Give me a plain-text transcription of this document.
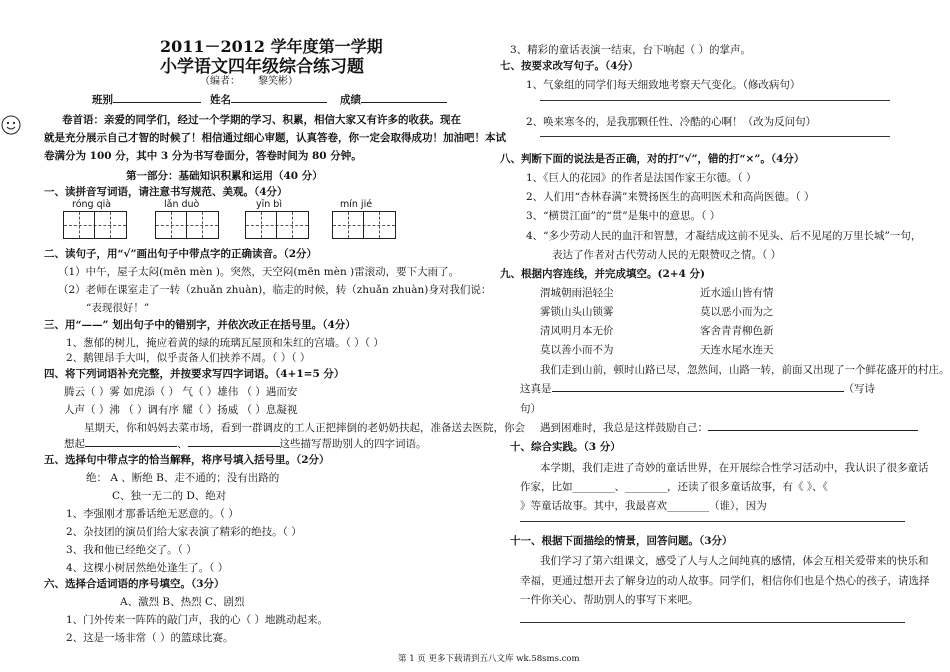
2011－2012 学年度第一学期
小学语文四年级综合练习题
（编者： 黎笑彬）
班别	姓名	成绩
卷首语：亲爱的同学们，经过一个学期的学习、积累，相信大家又有许多的收获。现在
就是充分展示自己才智的时候了！相信通过细心审题，认真答卷，你一定会取得成功！加油吧！本试
卷满分为 100 分，其中 3 分为书写卷面分，答卷时间为 80 分钟。
第一部分：基础知识积累和运用（40 分）
一、读拼音写词语，请注意书写规范、美观。（4分）
róng qià	lǎn duò	yīn bì	mín jié
二、读句子，用“√”画出句子中带点字的正确读音。（2分）
（1）中午，屋子太闷(mēn mèn )。突然，天空闷(mēn mèn )雷滚动，要下大雨了。
（2）老师在课室走了一转（zhuǎn zhuàn)，临走的时候，转（zhuǎn zhuàn)身对我们说：
“表现很好！”
三、用“——” 划出句子中的错别字，并依次改正在括号里。（4分）
1、葱郁的树儿，掩应着黄的绿的琉璃瓦屋顶和朱红的宫墙。（ ）（ ）
2、鹅锂昂手大叫，似乎责备人们挟养不周。（ ）（ ）
四、将下列词语补充完整，并按要求写四字词语。（4+1=5 分）
腾云（ ）雾 如虎添（ ） 气（ ）雄伟 （ ）遇而安
人声（ ）沸 （ ）调有序 耀（ ）扬威 （ ）息凝视
星期天，你和妈妈去菜市场，看到一群调皮的工人正把摔倒的老奶奶扶起，准备送去医院，你会
想起	、	这些描写帮助别人的四字词语。
五、选择句中带点字的恰当解释，将序号填入括号里。（2分）
绝： A 、断绝 B、走不通的；没有出路的
C、独一无二的 D、绝对
1、李强刚才那番话绝无恶意的。（ ）
2、杂技团的演员们给大家表演了精彩的绝技。（ ）
3、我和他已经绝交了。（ ）
4、这棵小树居然绝处逢生了。（ ）
六、选择合适词语的序号填空。（3分）
A、激烈 B、热烈 C、剧烈
1、门外传来一阵阵的敲门声，我的心（ ）地跳动起来。
2、这是一场非常（ ）的篮球比赛。
3、精彩的童话表演一结束，台下响起（ ）的掌声。
七、按要求改写句子。（4分）
1、气象组的同学们每天细致地考察天气变化。（修改病句）
2、唤来寒冬的，是我那颗任性、冷酷的心啊！（改为反问句）
八、判断下面的说法是否正确，对的打“√”，错的打“×”。（4分）
1、《巨人的花园》的作者是法国作家王尔德。（ ）
2、人们用“杏林春满”来赞扬医生的高明医术和高尚医德。（ ）
3、“横贯江面”的“贯”是集中的意思。（ ）
4、“多少劳动人民的血汗和智慧，才凝结成这前不见头、后不见尾的万里长城”一句，
表达了作者对古代劳动人民的无限赞叹之情。（ ）
九、根据内容连线，并完成填空。(2+4 分)
渭城朝雨浥轻尘
雾锁山头山锁雾
清风明月本无价
莫以善小而不为
近水遥山皆有情
莫以恶小而为之
客舍青青柳色新
天连水尾水连天
我们走到山前，顿时山路已尽，忽然间，山路一转，前面又出现了一个鲜花盛开的村庄。
这真是	（写诗
句）
遇到困难时，我总是这样鼓励自己：
十、综合实践。（3 分）
本学期，我们走进了奇妙的童话世界，在开展综合性学习活动中，我认识了很多童话
作家，比如________、________，还读了很多童话故事，有《 》、《
》等童话故事。其中，我最喜欢________（谁），因为
十一、根据下面描绘的情景，回答问题。（3分）
我们学习了第六组课文，感受了人与人之间纯真的感情，体会互相关爱带来的快乐和
幸福，更通过想开去了解身边的动人故事。同学们，相信你们也是个热心的孩子，请选择
一件你关心、帮助别人的事写下来吧。
第 1 页 更多下载请到五八文库 wk.58sms.com
